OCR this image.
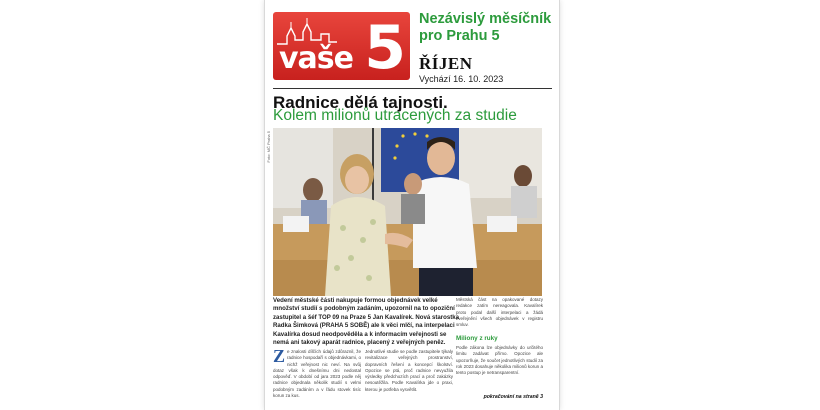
vaše 5 Nezávislý měsíčník
pro Prahu 5
ŘÍJEN
Vychází 16. 10. 2023
Radnice dělá tajnosti.
Kolem milionů utracených za studie
Foto: MČ Praha 5
Vedení městské části nakupuje formou objednávek velké množství studií s podobným zadáním, upozornil na to opoziční zastupitel a šéf TOP 09 na Praze 5 Jan Kavalírek. Nová starostka Radka Šimková (PRAHA 5 SOBĚ) ale k věci mlčí, na interpelaci Kavalírka dosud neodpověděla a k informacím veřejnosti se nemá ani takový aparát radnice, placený z veřejných peněz.
Ze znalosti dílčích údajů zdůraznil, že radnice hospodaří s objednávkami, o nichž veřejnost nic neví. Na svůj dotaz však k dnešnímu dni nedostal odpověď. V období od jara 2023 podle něj radnice objednala několik studií s velmi podobným zadáním a v řádu stovek tisíc korun za kus.
Jednotlivé studie se podle zastupitele týkaly revitalizace veřejných prostranství, dopravních řešení a koncepcí školství. Opozice se ptá, proč radnice nevyužila výsledky předchozích prací a proč zakázky nesoutěžila. Podle Kavalírka jde o praxi, kterou je potřeba vysvětlit.
Městská část na opakované dotazy redakce zatím nereagovala. Kavalírek proto podal další interpelaci a žádá zveřejnění všech objednávek v registru smluv.
Miliony z ruky
Podle zákona lze objednávky do určitého limitu zadávat přímo. Opozice ale upozorňuje, že součet jednotlivých studií za rok 2023 dosahuje několika milionů korun a tento postup je netransparentní.
pokračování na straně 3
